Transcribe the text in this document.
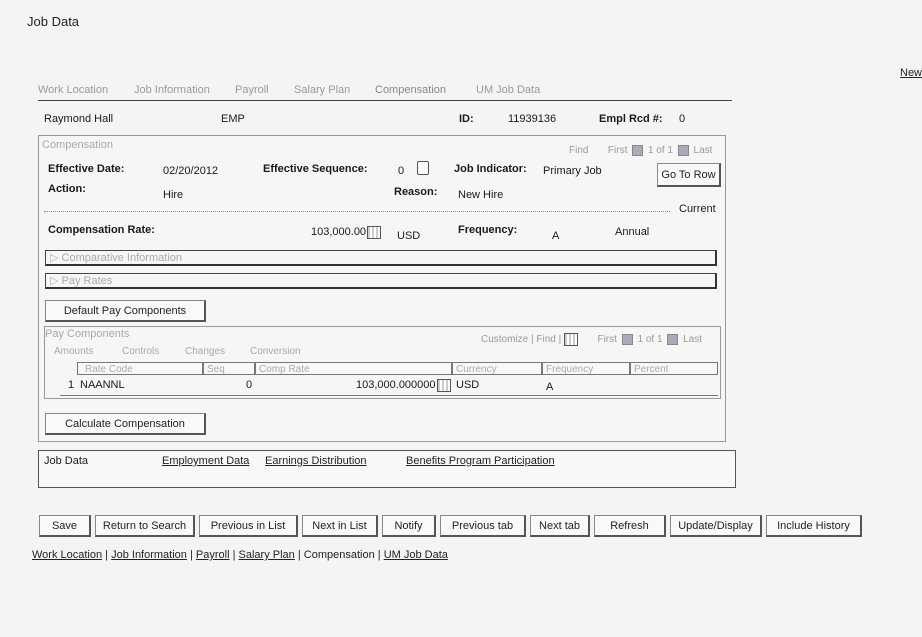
Job Data
New
Work Location Job Information Payroll Salary Plan Compensation	UM Job Data
Raymond Hall	EMP	ID:	11939136	Empl Rcd #: 0
Compensation	Find First 1 of 1 Last
Effective Date:	02/20/2012	Effective Sequence:	0	Job Indicator: Primary Job	Go To Row
Action:	Hire	Reason: New Hire
Current
Compensation Rate:	103,000.00	USD	Frequency:	A	Annual
▷ Comparative Information
▷ Pay Rates
Default Pay Components
Pay Components	Customize | Find |	First 1 of 1 Last
Amounts	Controls	Changes Conversion
Rate Code	Seq	Comp Rate	Currency	Frequency	Percent
1 NAANNL	0	103,000.000000 USD	A
Calculate Compensation
Job Data	Employment Data Earnings Distribution	Benefits Program Participation
Save	Return to Search	Previous in List	Next in List	Notify	Previous tab	Next tab	Refresh	Update/Display	Include History
Work Location | Job Information | Payroll | Salary Plan | Compensation | UM Job Data
